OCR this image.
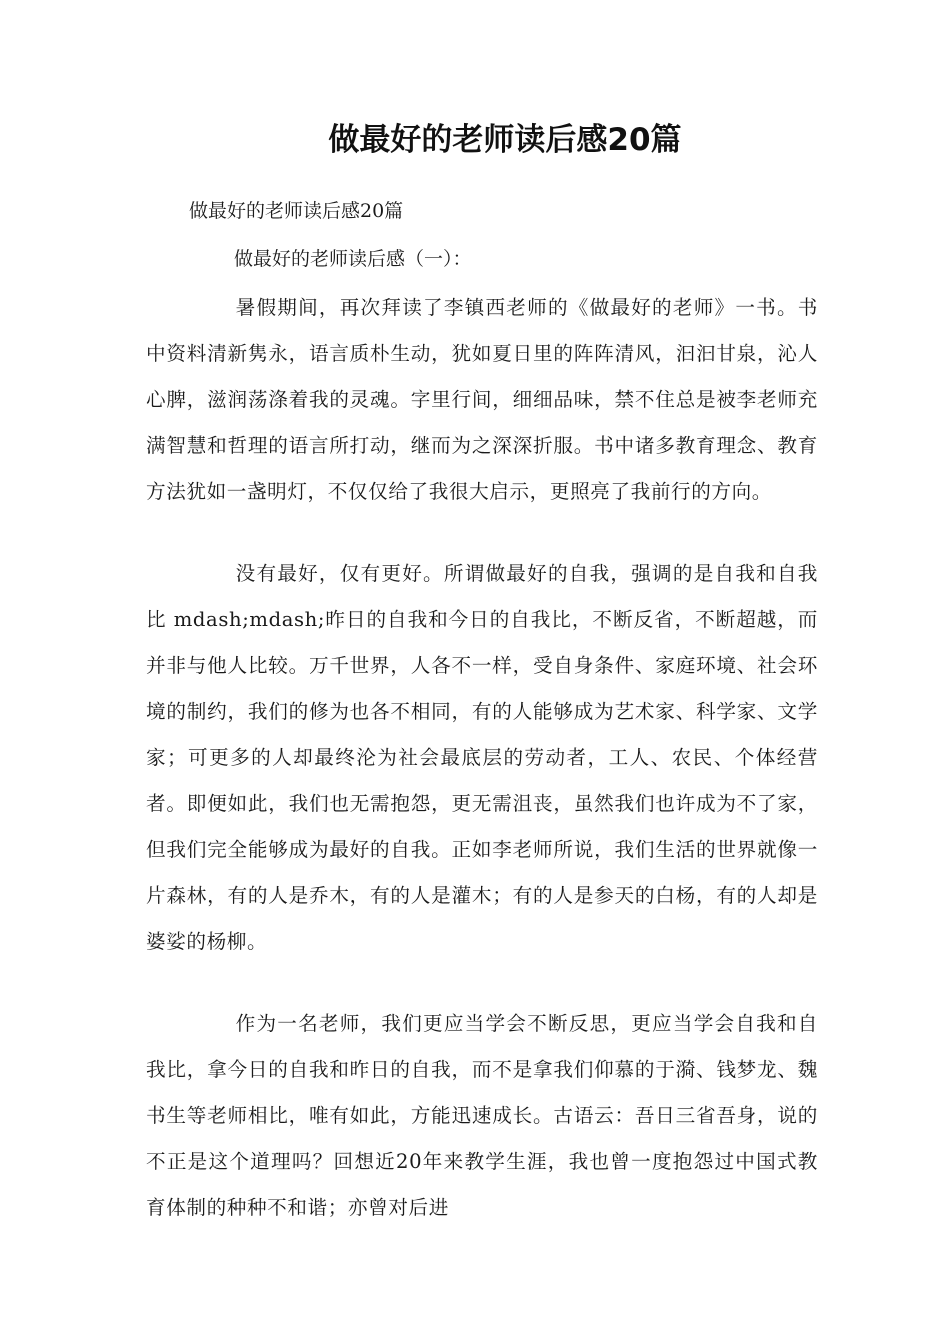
做最好的老师读后感20篇
做最好的老师读后感20篇
做最好的老师读后感（一）：

暑假期间，再次拜读了李镇西老师的《做最好的老师》一书。书中资料清新隽永，语言质朴生动，犹如夏日里的阵阵清风，汩汩甘泉，沁人心脾，滋润荡涤着我的灵魂。字里行间，细细品味，禁不住总是被李老师充满智慧和哲理的语言所打动，继而为之深深折服。书中诸多教育理念、教育方法犹如一盏明灯，不仅仅给了我很大启示，更照亮了我前行的方向。

没有最好，仅有更好。所谓做最好的自我，强调的是自我和自我比 mdash;mdash;昨日的自我和今日的自我比，不断反省，不断超越，而并非与他人比较。万千世界，人各不一样，受自身条件、家庭环境、社会环境的制约，我们的修为也各不相同，有的人能够成为艺术家、科学家、文学家；可更多的人却最终沦为社会最底层的劳动者，工人、农民、个体经营者。即便如此，我们也无需抱怨，更无需沮丧，虽然我们也许成为不了家，但我们完全能够成为最好的自我。正如李老师所说，我们生活的世界就像一片森林，有的人是乔木，有的人是灌木；有的人是参天的白杨，有的人却是婆娑的杨柳。

作为一名老师，我们更应当学会不断反思，更应当学会自我和自我比，拿今日的自我和昨日的自我，而不是拿我们仰慕的于漪、钱梦龙、魏书生等老师相比，唯有如此，方能迅速成长。古语云：吾日三省吾身，说的不正是这个道理吗？回想近20年来教学生涯，我也曾一度抱怨过中国式教育体制的种种不和谐；亦曾对后进
